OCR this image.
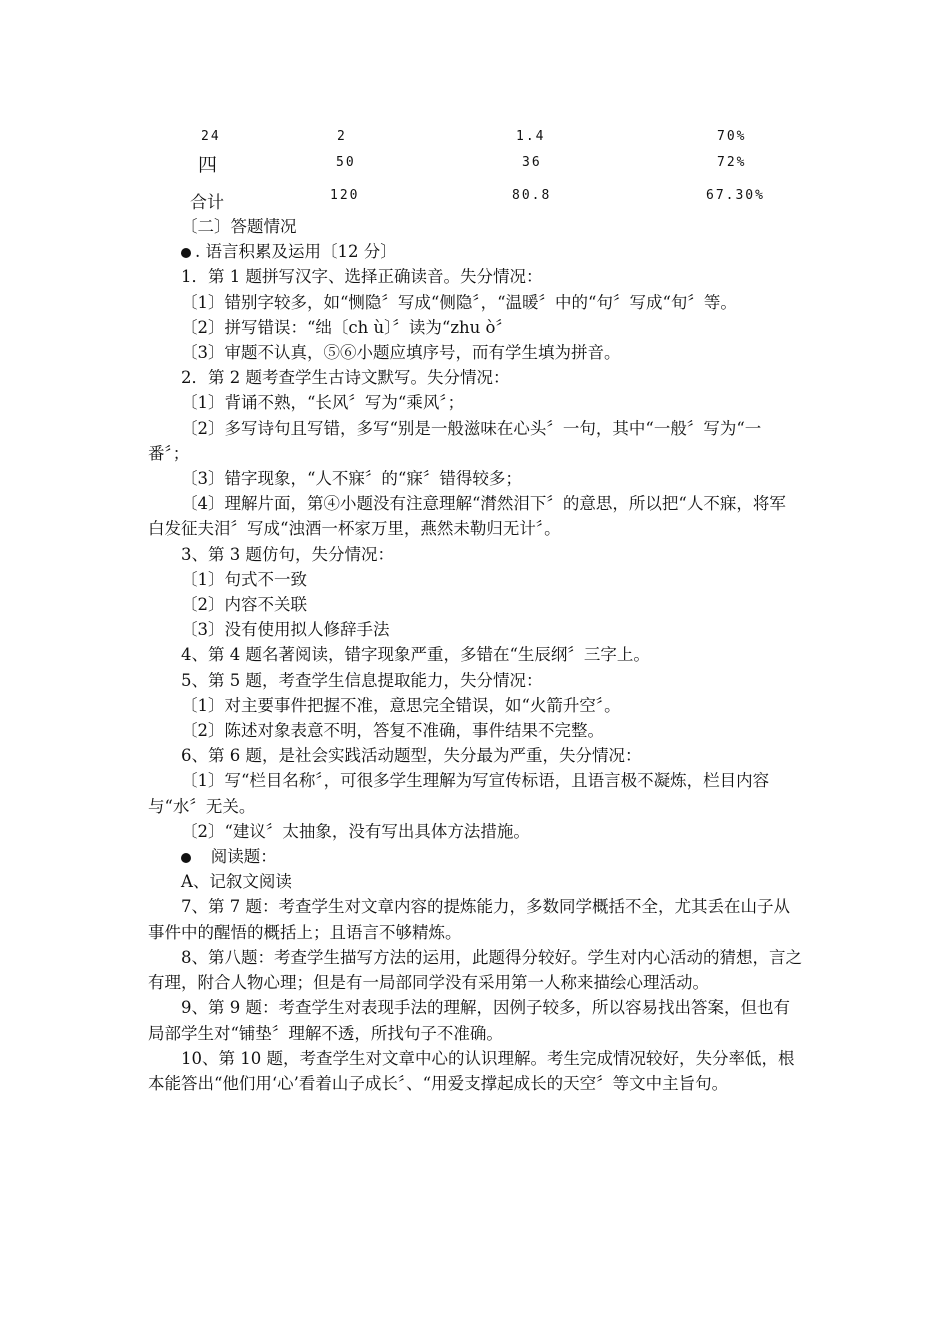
24	2	1.4	70%
四	50	36	72%
合计	120	80.8	67.30%

〔二〕答题情况

. 语言积累及运用〔12 分〕

1．第 1 题拼写汉字、选择正确读音。失分情况：

〔1〕错别字较多，如“恻隐〞写成“侧隐〞，“温暖〞中的“句〞写成“旬〞等。

〔2〕拼写错误：“绌〔ch ù〕〞读为“zhu ò〞

〔3〕审题不认真，⑤⑥小题应填序号，而有学生填为拼音。

2．第 2 题考查学生古诗文默写。失分情况：

〔1〕背诵不熟，“长风〞写为“乘风〞；

〔2〕多写诗句且写错，多写“别是一般滋味在心头〞一句，其中“一般〞写为“一番〞；

〔3〕错字现象，“人不寐〞的“寐〞错得较多；

〔4〕理解片面，第④小题没有注意理解“潸然泪下〞的意思，所以把“人不寐，将军白发征夫泪〞写成“浊酒一杯家万里，燕然未勒归无计〞。

3、第 3 题仿句，失分情况：

〔1〕句式不一致

〔2〕内容不关联

〔3〕没有使用拟人修辞手法

4、第 4 题名著阅读，错字现象严重，多错在“生辰纲〞三字上。

5、第 5 题，考查学生信息提取能力，失分情况：

〔1〕对主要事件把握不准，意思完全错误，如“火箭升空〞。

〔2〕陈述对象表意不明，答复不准确，事件结果不完整。

6、第 6 题，是社会实践活动题型，失分最为严重，失分情况：

〔1〕写“栏目名称〞，可很多学生理解为写宣传标语，且语言极不凝炼，栏目内容与“水〞无关。

〔2〕“建议〞太抽象，没有写出具体方法措施。

阅读题：

A、记叙文阅读

7、第 7 题：考查学生对文章内容的提炼能力，多数同学概括不全，尤其丢在山子从事件中的醒悟的概括上；且语言不够精炼。

8、第八题：考查学生描写方法的运用，此题得分较好。学生对内心活动的猜想，言之有理，附合人物心理；但是有一局部同学没有采用第一人称来描绘心理活动。

9、第 9 题：考查学生对表现手法的理解，因例子较多，所以容易找出答案，但也有局部学生对“铺垫〞理解不透，所找句子不准确。

10、第 10 题，考查学生对文章中心的认识理解。考生完成情况较好，失分率低，根本能答出“他们用‘心’看着山子成长〞、“用爱支撑起成长的天空〞等文中主旨句。
